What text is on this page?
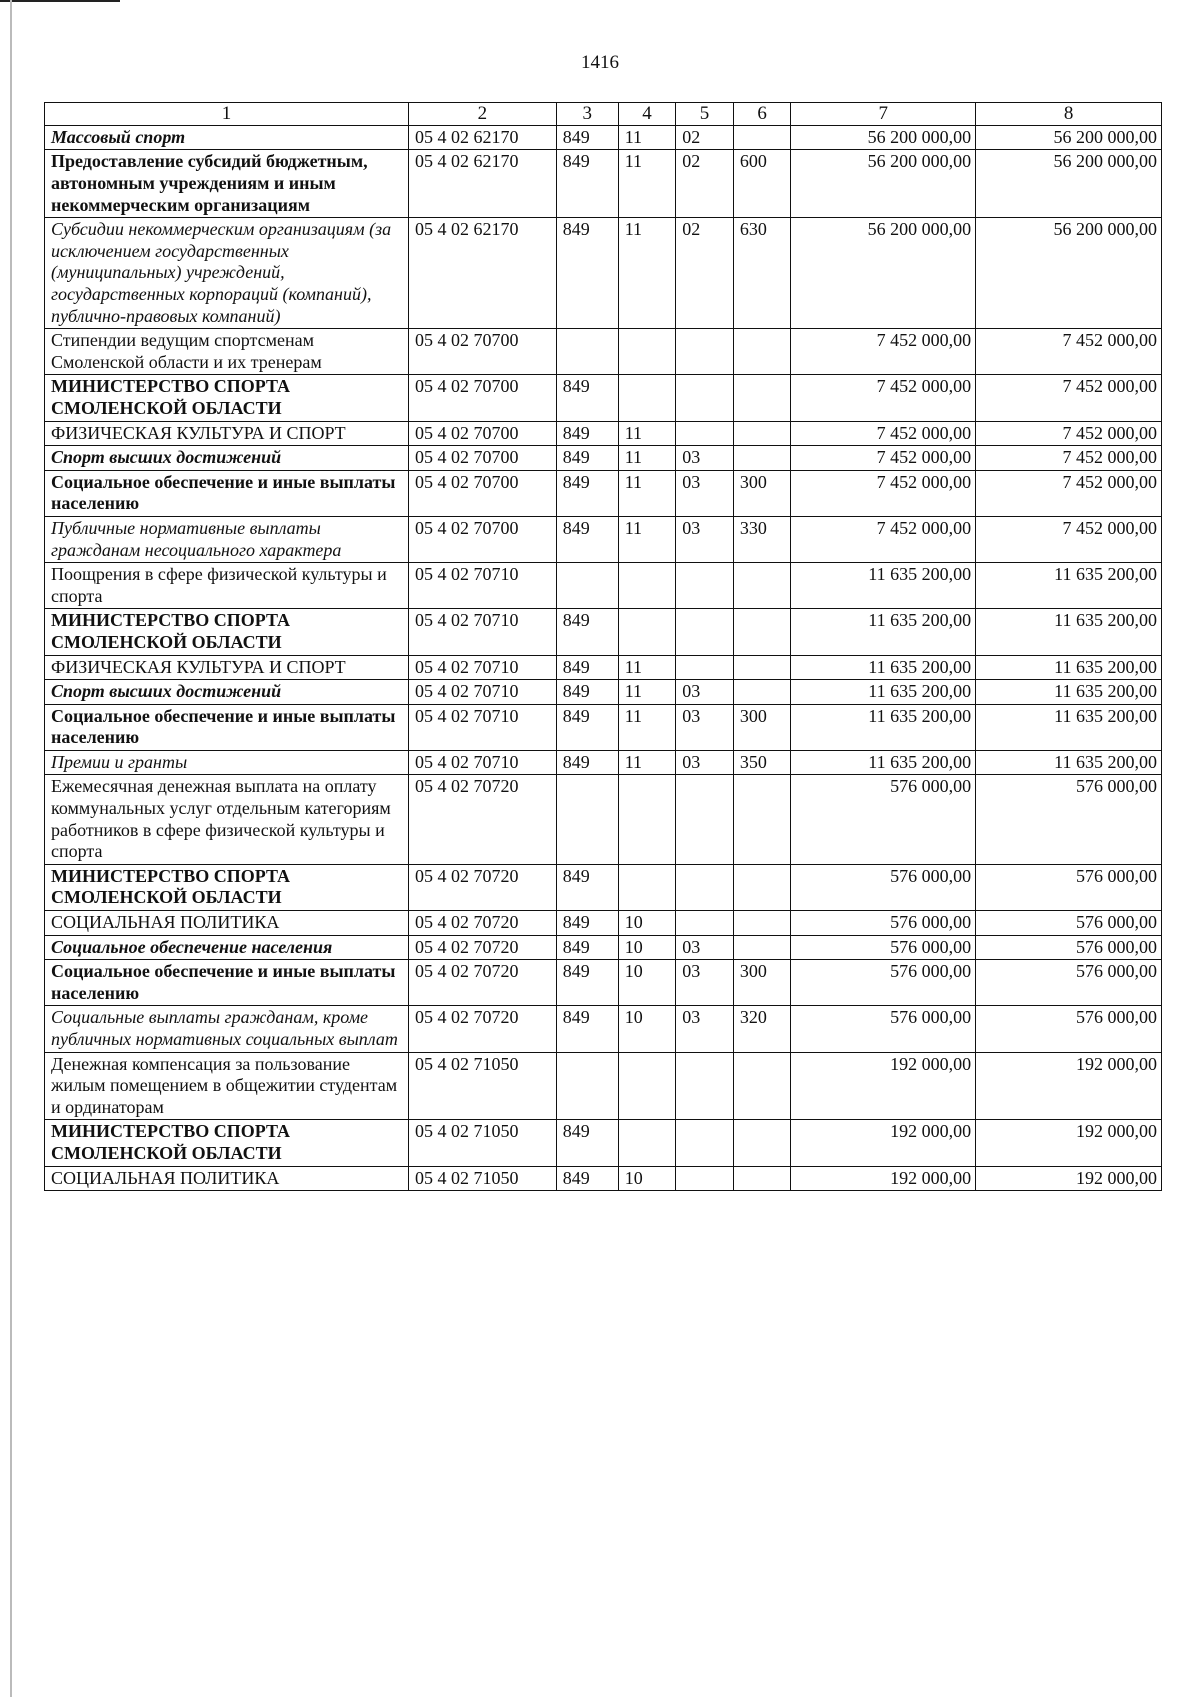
1416
1	2	3	4	5	6	7	8
Массовый спорт	05 4 02 62170	849	11	02		56 200 000,00	56 200 000,00
Предоставление субсидий бюджетным, автономным учреждениям и иным некоммерческим организациям	05 4 02 62170	849	11	02	600	56 200 000,00	56 200 000,00
Субсидии некоммерческим организациям (за исключением государственных (муниципальных) учреждений, государственных корпораций (компаний), публично-правовых компаний)	05 4 02 62170	849	11	02	630	56 200 000,00	56 200 000,00
Стипендии ведущим спортсменам Смоленской области и их тренерам	05 4 02 70700					7 452 000,00	7 452 000,00
МИНИСТЕРСТВО СПОРТА СМОЛЕНСКОЙ ОБЛАСТИ	05 4 02 70700	849				7 452 000,00	7 452 000,00
ФИЗИЧЕСКАЯ КУЛЬТУРА И СПОРТ	05 4 02 70700	849	11			7 452 000,00	7 452 000,00
Спорт высших достижений	05 4 02 70700	849	11	03		7 452 000,00	7 452 000,00
Социальное обеспечение и иные выплаты населению	05 4 02 70700	849	11	03	300	7 452 000,00	7 452 000,00
Публичные нормативные выплаты гражданам несоциального характера	05 4 02 70700	849	11	03	330	7 452 000,00	7 452 000,00
Поощрения в сфере физической культуры и спорта	05 4 02 70710					11 635 200,00	11 635 200,00
МИНИСТЕРСТВО СПОРТА СМОЛЕНСКОЙ ОБЛАСТИ	05 4 02 70710	849				11 635 200,00	11 635 200,00
ФИЗИЧЕСКАЯ КУЛЬТУРА И СПОРТ	05 4 02 70710	849	11			11 635 200,00	11 635 200,00
Спорт высших достижений	05 4 02 70710	849	11	03		11 635 200,00	11 635 200,00
Социальное обеспечение и иные выплаты населению	05 4 02 70710	849	11	03	300	11 635 200,00	11 635 200,00
Премии и гранты	05 4 02 70710	849	11	03	350	11 635 200,00	11 635 200,00
Ежемесячная денежная выплата на оплату коммунальных услуг отдельным категориям работников в сфере физической культуры и спорта	05 4 02 70720					576 000,00	576 000,00
МИНИСТЕРСТВО СПОРТА СМОЛЕНСКОЙ ОБЛАСТИ	05 4 02 70720	849				576 000,00	576 000,00
СОЦИАЛЬНАЯ ПОЛИТИКА	05 4 02 70720	849	10			576 000,00	576 000,00
Социальное обеспечение населения	05 4 02 70720	849	10	03		576 000,00	576 000,00
Социальное обеспечение и иные выплаты населению	05 4 02 70720	849	10	03	300	576 000,00	576 000,00
Социальные выплаты гражданам, кроме публичных нормативных социальных выплат	05 4 02 70720	849	10	03	320	576 000,00	576 000,00
Денежная компенсация за пользование жилым помещением в общежитии студентам и ординаторам	05 4 02 71050					192 000,00	192 000,00
МИНИСТЕРСТВО СПОРТА СМОЛЕНСКОЙ ОБЛАСТИ	05 4 02 71050	849				192 000,00	192 000,00
СОЦИАЛЬНАЯ ПОЛИТИКА	05 4 02 71050	849	10			192 000,00	192 000,00
